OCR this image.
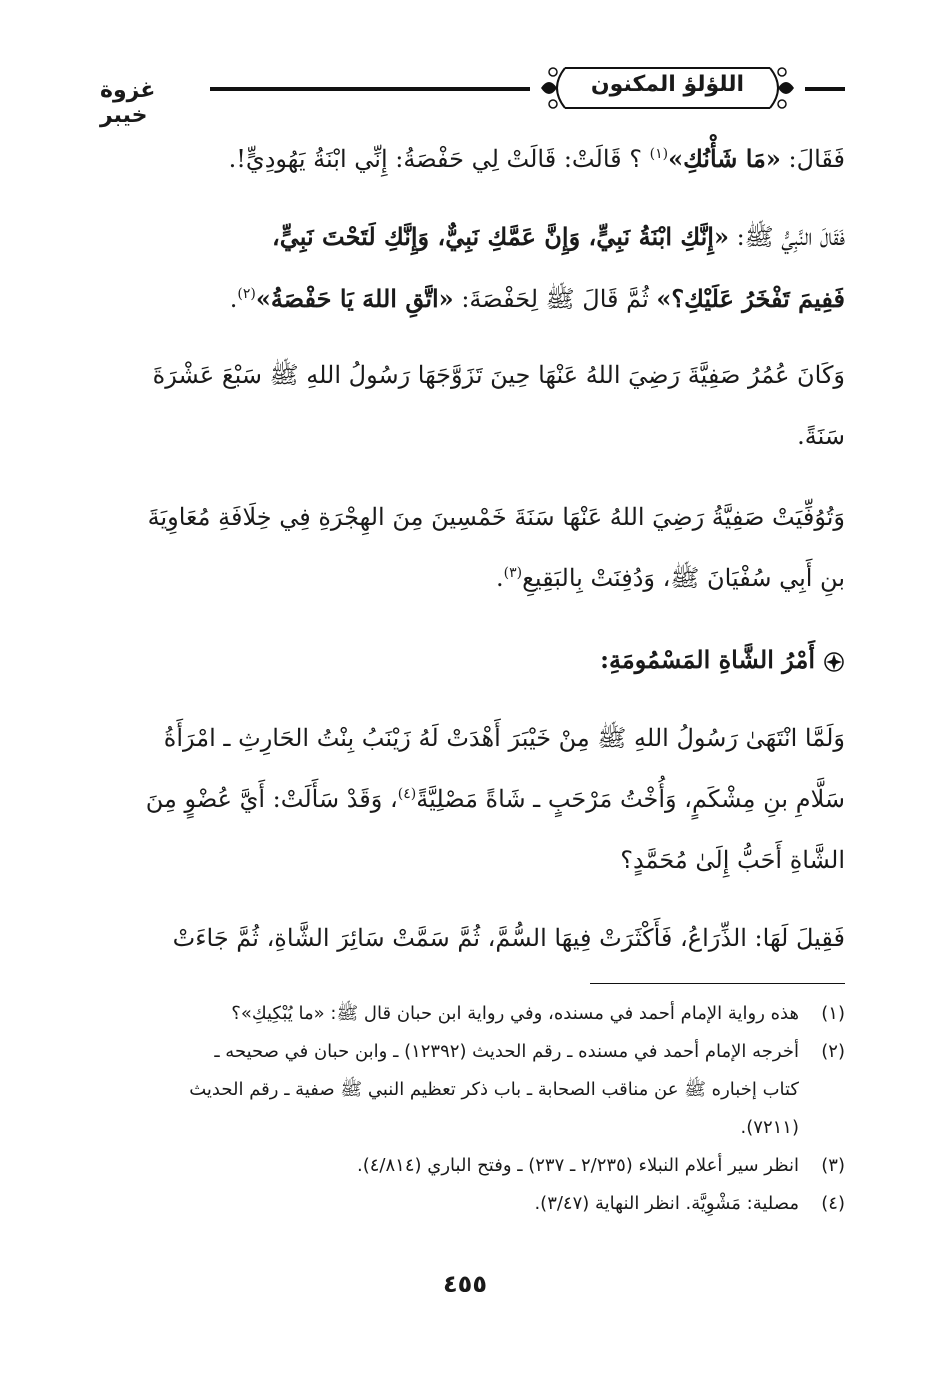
غزوة خيبر
اللؤلؤ المكنون
فَقَالَ: «مَا شَأْنُكِ»$^{(١)}$ ؟ قَالَتْ: قَالَتْ لِي حَفْصَةُ: إِنِّي ابْنَةُ يَهُودِيٍّ!.
فَقَالَ النَّبِيُّ ﷺ: «إِنَّكِ ابْنَةُ نَبِيٍّ، وَإِنَّ عَمَّكِ نَبِيٌّ، وَإِنَّكِ لَتَحْتَ نَبِيٍّ،
فَفِيمَ تَفْخَرُ عَلَيْكِ؟» ثُمَّ قَالَ ﷺ لِحَفْصَةَ: «اتَّقِ اللهَ يَا حَفْصَةُ»$^{(٢)}$.
وَكَانَ عُمُرُ صَفِيَّةَ رَضِيَ اللهُ عَنْهَا حِينَ تَزَوَّجَهَا رَسُولُ اللهِ ﷺ سَبْعَ عَشْرَةَ
سَنَةً.
وَتُوُفِّيَتْ صَفِيَّةُ رَضِيَ اللهُ عَنْهَا سَنَةَ خَمْسِينَ مِنَ الهِجْرَةِ فِي خِلَافَةِ مُعَاوِيَةَ
بنِ أَبِي سُفْيَانَ ﷺ، وَدُفِنَتْ بِالبَقِيعِ$^{(٣)}$.
أَمْرُ الشَّاةِ المَسْمُومَةِ:
وَلَمَّا انْتَهَىٰ رَسُولُ اللهِ ﷺ مِنْ خَيْبَرَ أَهْدَتْ لَهُ زَيْنَبُ بِنْتُ الحَارِثِ ـ امْرَأَةُ
سَلَّامِ بنِ مِشْكَمٍ، وَأُخْتُ مَرْحَبٍ ـ شَاةً مَصْلِيَّةً$^{(٤)}$، وَقَدْ سَأَلَتْ: أَيَّ عُضْوٍ مِنَ
الشَّاةِ أَحَبُّ إِلَىٰ مُحَمَّدٍ؟
فَقِيلَ لَهَا: الذِّرَاعُ، فَأَكْثَرَتْ فِيهَا السُّمَّ، ثُمَّ سَمَّتْ سَائِرَ الشَّاةِ، ثُمَّ جَاءَتْ
(١)
هذه رواية الإمام أحمد في مسنده، وفي رواية ابن حبان قال ﷺ: «ما يُبْكِيكِ»؟
(٢)
أخرجه الإمام أحمد في مسنده ـ رقم الحديث (١٢٣٩٢) ـ وابن حبان في صحيحه ـ
كتاب إخباره ﷺ عن مناقب الصحابة ـ باب ذكر تعظيم النبي ﷺ صفية ـ رقم الحديث
(٧٢١١).
(٣)
انظر سير أعلام النبلاء (٢/٢٣٥ ـ ٢٣٧) ـ وفتح الباري (٤/٨١٤).
(٤)
مصلية: مَشْوِيَّة. انظر النهاية (٣/٤٧).
٤٥٥
